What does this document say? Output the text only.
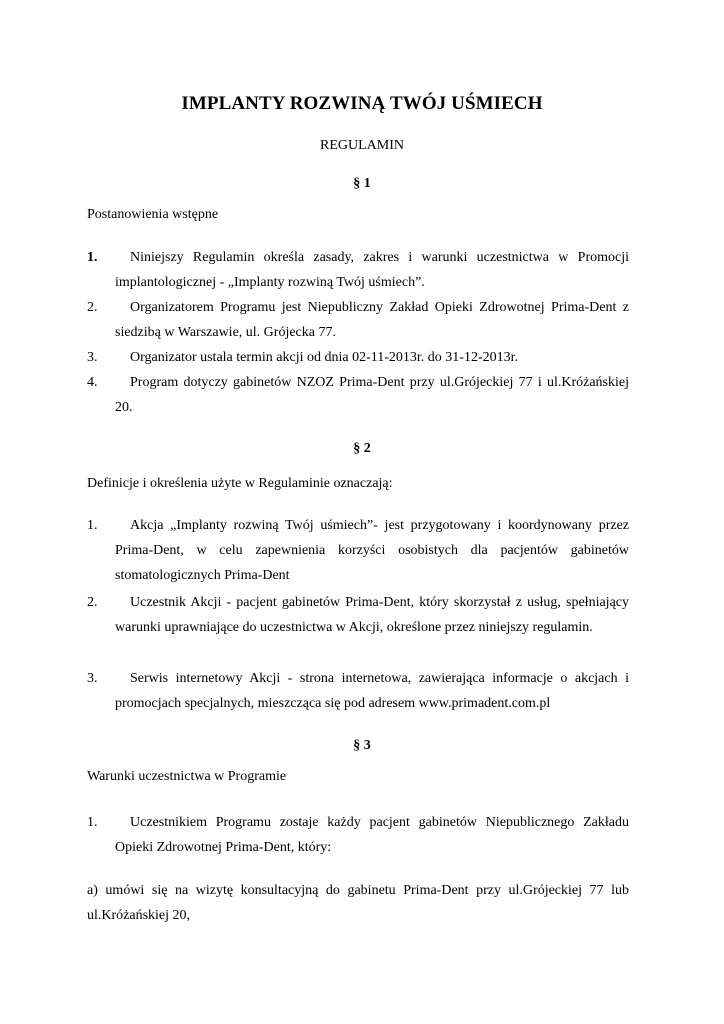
IMPLANTY ROZWINĄ TWÓJ UŚMIECH
REGULAMIN
§ 1
Postanowienia wstępne
1.	Niniejszy Regulamin określa zasady, zakres i warunki uczestnictwa w Promocji implantologicznej - „Implanty rozwiną Twój uśmiech”.
2.	Organizatorem Programu jest Niepubliczny Zakład Opieki Zdrowotnej Prima-Dent z siedzibą w Warszawie, ul. Grójecka 77.
3.	Organizator ustala termin akcji od dnia 02-11-2013r. do 31-12-2013r.
4.	Program dotyczy gabinetów NZOZ Prima-Dent przy ul.Grójeckiej 77 i ul.Króżańskiej 20.
§ 2
Definicje i określenia użyte w Regulaminie oznaczają:
1.	Akcja „Implanty rozwiną Twój uśmiech”- jest przygotowany i koordynowany przez Prima-Dent, w celu zapewnienia korzyści osobistych dla pacjentów gabinetów stomatologicznych Prima-Dent
2.	Uczestnik Akcji - pacjent gabinetów Prima-Dent, który skorzystał z usług, spełniający warunki uprawniające do uczestnictwa w Akcji, określone przez niniejszy regulamin.
3.	Serwis internetowy Akcji - strona internetowa, zawierająca informacje o akcjach i promocjach specjalnych, mieszcząca się pod adresem www.primadent.com.pl
§ 3
Warunki uczestnictwa w Programie
1.	Uczestnikiem Programu zostaje każdy pacjent gabinetów Niepublicznego Zakładu Opieki Zdrowotnej Prima-Dent, który:
a) umówi się na wizytę konsultacyjną do gabinetu Prima-Dent przy ul.Grójeckiej 77 lub ul.Króżańskiej 20,
